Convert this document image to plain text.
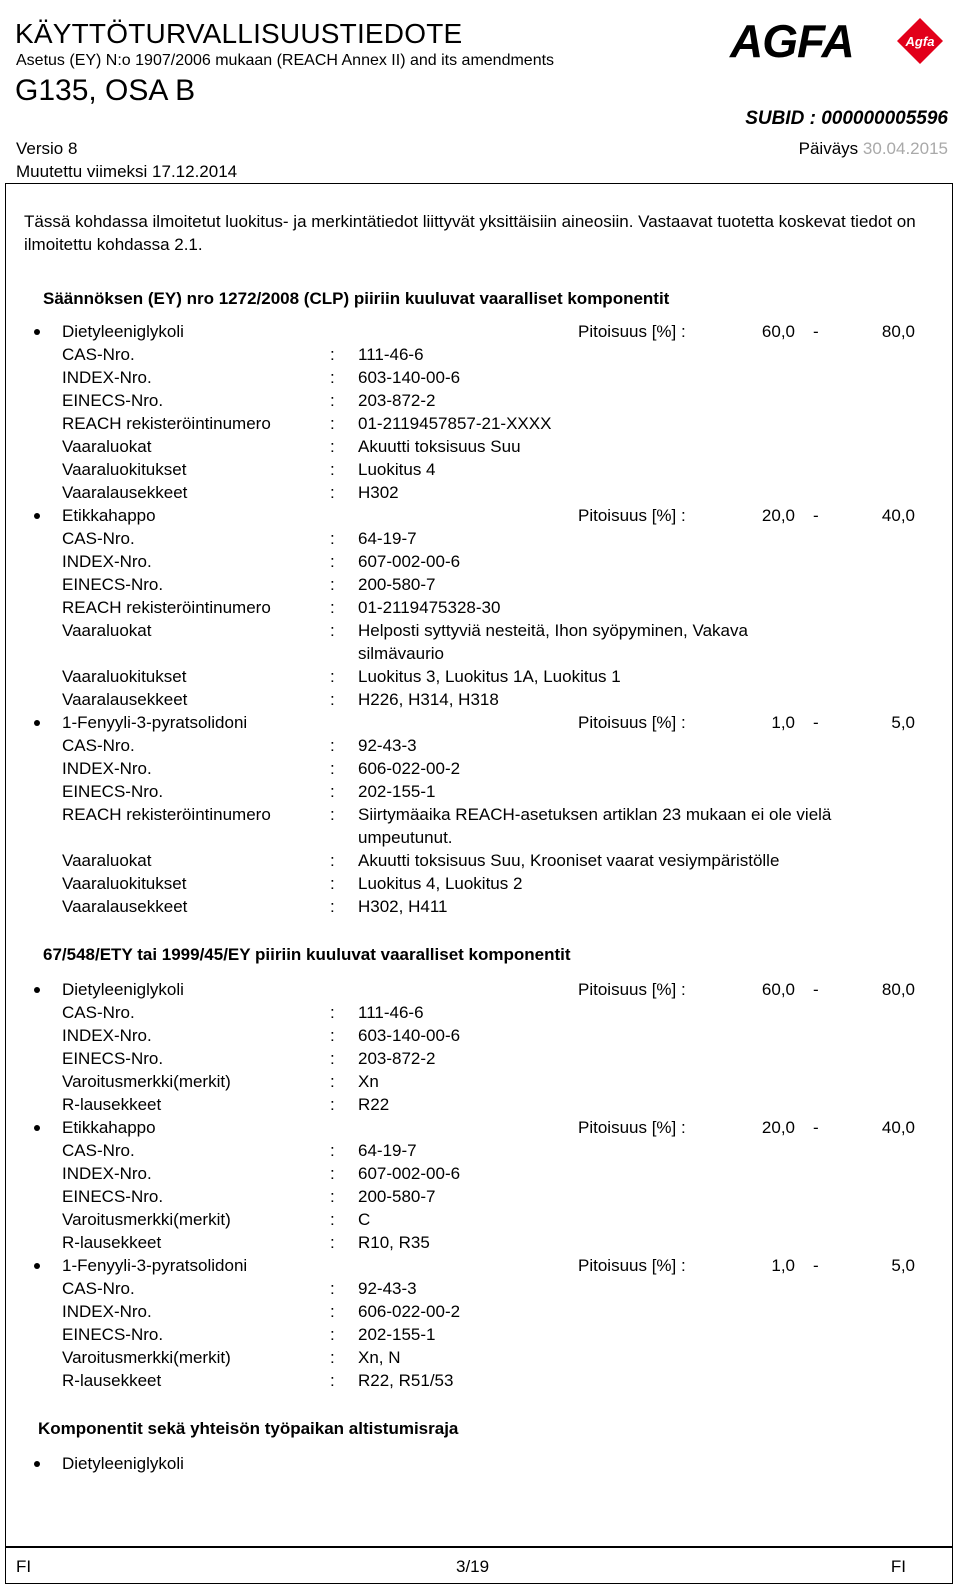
KÄYTTÖTURVALLISUUSTIEDOTE
Asetus (EY) N:o 1907/2006 mukaan (REACH Annex II) and its amendments
G135, OSA B
SUBID : 000000005596
Versio 8
Muutettu viimeksi 17.12.2014
Päiväys 30.04.2015
AGFA	Agfa
Tässä kohdassa ilmoitetut luokitus- ja merkintätiedot liittyvät yksittäisiin aineosiin. Vastaavat tuotetta koskevat tiedot on ilmoitettu kohdassa 2.1.
Säännöksen (EY) nro 1272/2008 (CLP) piiriin kuuluvat vaaralliset komponentit
Dietyleeniglykoli	Pitoisuus [%] :	60,0 -	80,0
CAS-Nro.	: 111-46-6
INDEX-Nro.	: 603-140-00-6
EINECS-Nro.	: 203-872-2
REACH rekisteröintinumero	: 01-2119457857-21-XXXX
Vaaraluokat	: Akuutti toksisuus Suu
Vaaraluokitukset	: Luokitus 4
Vaaralausekkeet	: H302
Etikkahappo	Pitoisuus [%] :	20,0 -	40,0
CAS-Nro.	: 64-19-7
INDEX-Nro.	: 607-002-00-6
EINECS-Nro.	: 200-580-7
REACH rekisteröintinumero	: 01-2119475328-30
Vaaraluokat	: Helposti syttyviä nesteitä, Ihon syöpyminen, Vakava
silmävaurio
Vaaraluokitukset	: Luokitus 3, Luokitus 1A, Luokitus 1
Vaaralausekkeet	: H226, H314, H318
1-Fenyyli-3-pyratsolidoni	Pitoisuus [%] :	1,0 -	5,0
CAS-Nro.	: 92-43-3
INDEX-Nro.	: 606-022-00-2
EINECS-Nro.	: 202-155-1
REACH rekisteröintinumero	: Siirtymäaika REACH-asetuksen artiklan 23 mukaan ei ole vielä
umpeutunut.
Vaaraluokat	: Akuutti toksisuus Suu, Krooniset vaarat vesiympäristölle
Vaaraluokitukset	: Luokitus 4, Luokitus 2
Vaaralausekkeet	: H302, H411
67/548/ETY tai 1999/45/EY piiriin kuuluvat vaaralliset komponentit
Dietyleeniglykoli	Pitoisuus [%] :	60,0 -	80,0
CAS-Nro.	: 111-46-6
INDEX-Nro.	: 603-140-00-6
EINECS-Nro.	: 203-872-2
Varoitusmerkki(merkit)	: Xn
R-lausekkeet	: R22
Etikkahappo	Pitoisuus [%] :	20,0 -	40,0
CAS-Nro.	: 64-19-7
INDEX-Nro.	: 607-002-00-6
EINECS-Nro.	: 200-580-7
Varoitusmerkki(merkit)	: C
R-lausekkeet	: R10, R35
1-Fenyyli-3-pyratsolidoni	Pitoisuus [%] :	1,0 -	5,0
CAS-Nro.	: 92-43-3
INDEX-Nro.	: 606-022-00-2
EINECS-Nro.	: 202-155-1
Varoitusmerkki(merkit)	: Xn, N
R-lausekkeet	: R22, R51/53
Komponentit sekä yhteisön työpaikan altistumisraja
Dietyleeniglykoli
FI	3/19	FI
